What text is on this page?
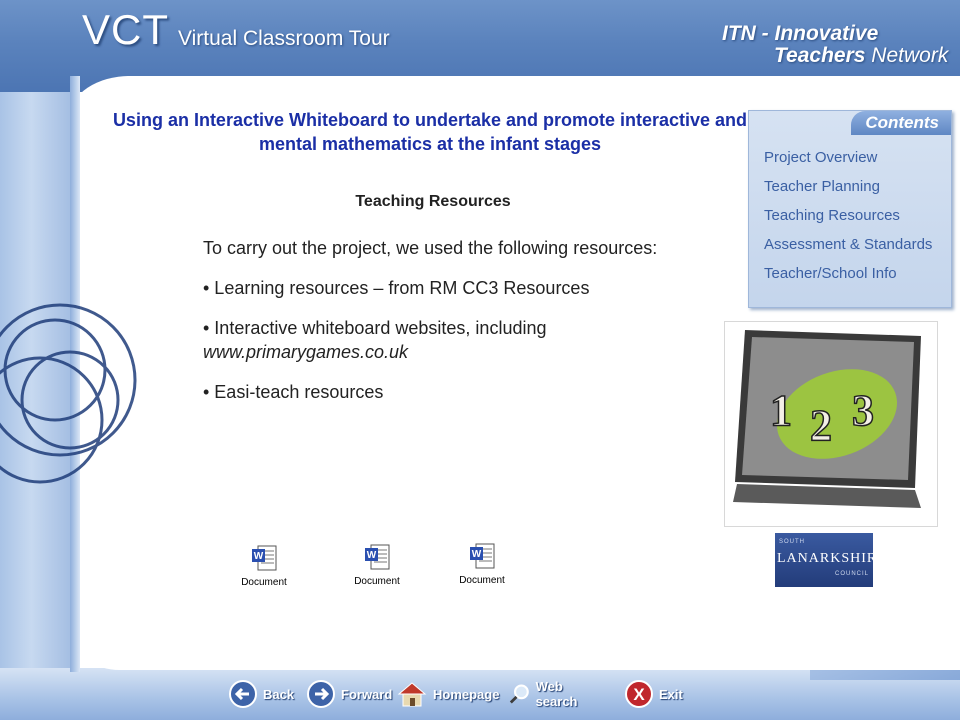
VCT Virtual Classroom Tour	ITN - Innovative
Teachers Network
Using an Interactive Whiteboard to undertake and promote interactive and mental mathematics at the infant stages
Teaching Resources

To carry out the project, we used the following resources:

• Learning resources – from RM CC3 Resources

• Interactive whiteboard websites, including
www.primarygames.co.uk

• Easi-teach resources

W
Document
W
Document
W
Document
Contents
Project Overview
Teacher Planning
Teaching Resources
Assessment & Standards
Teacher/School Info
1 2 3
SOUTH
LANARKSHIRE
COUNCIL
Back	Forward	Homepage	Web search	X Exit
